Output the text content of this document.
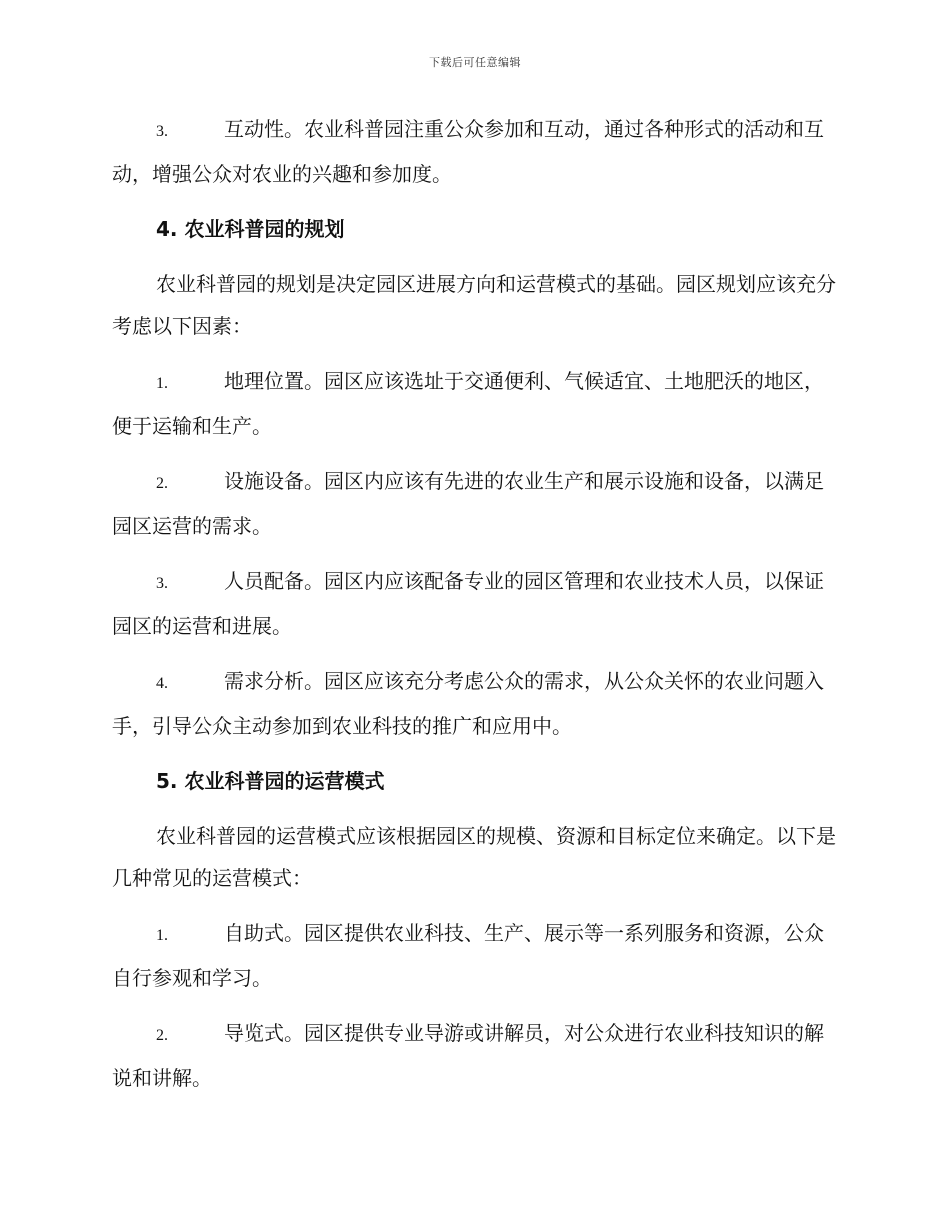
下载后可任意编辑
3.	互动性。农业科普园注重公众参加和互动，通过各种形式的活动和互动，增强公众对农业的兴趣和参加度。
4. 农业科普园的规划
农业科普园的规划是决定园区进展方向和运营模式的基础。园区规划应该充分考虑以下因素：
1.	地理位置。园区应该选址于交通便利、气候适宜、土地肥沃的地区，便于运输和生产。
2.	设施设备。园区内应该有先进的农业生产和展示设施和设备，以满足园区运营的需求。
3.	人员配备。园区内应该配备专业的园区管理和农业技术人员，以保证园区的运营和进展。
4.	需求分析。园区应该充分考虑公众的需求，从公众关怀的农业问题入手，引导公众主动参加到农业科技的推广和应用中。
5. 农业科普园的运营模式
农业科普园的运营模式应该根据园区的规模、资源和目标定位来确定。以下是几种常见的运营模式：
1.	自助式。园区提供农业科技、生产、展示等一系列服务和资源，公众自行参观和学习。
2.	导览式。园区提供专业导游或讲解员，对公众进行农业科技知识的解说和讲解。
